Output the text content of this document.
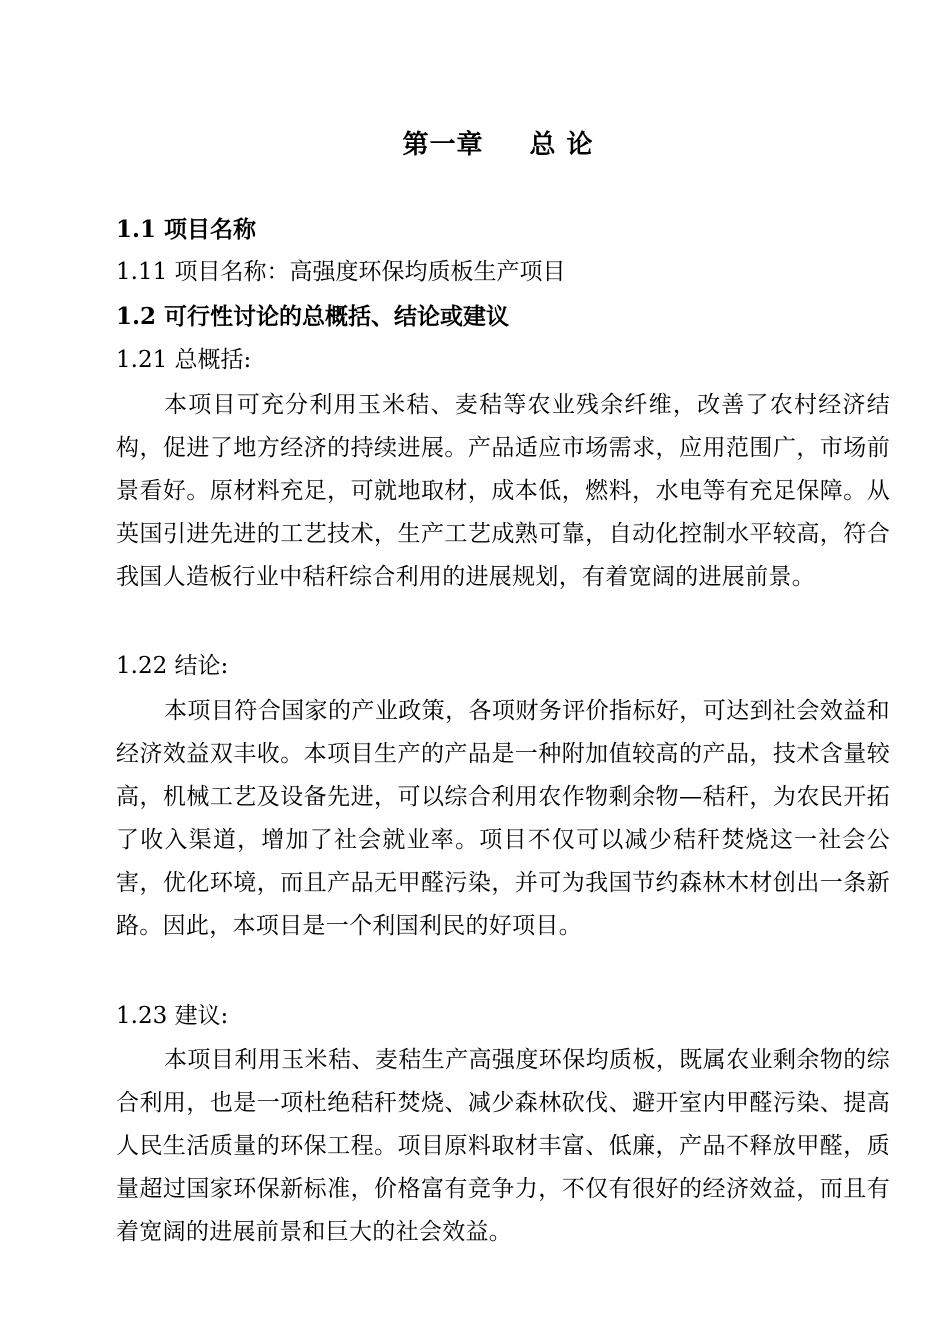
第一章 总 论
1.1 项目名称
1.11 项目名称：高强度环保均质板生产项目
1.2 可行性讨论的总概括、结论或建议
1.21 总概括:
本项目可充分利用玉米秸、麦秸等农业残余纤维，改善了农村经济结构，促进了地方经济的持续进展。产品适应市场需求，应用范围广，市场前景看好。原材料充足，可就地取材，成本低，燃料，水电等有充足保障。从英国引进先进的工艺技术，生产工艺成熟可靠，自动化控制水平较高，符合我国人造板行业中秸秆综合利用的进展规划，有着宽阔的进展前景。
1.22 结论:
本项目符合国家的产业政策，各项财务评价指标好，可达到社会效益和经济效益双丰收。本项目生产的产品是一种附加值较高的产品，技术含量较高，机械工艺及设备先进，可以综合利用农作物剩余物—秸秆，为农民开拓了收入渠道，增加了社会就业率。项目不仅可以减少秸秆焚烧这一社会公害，优化环境，而且产品无甲醛污染，并可为我国节约森林木材创出一条新路。因此，本项目是一个利国利民的好项目。
1.23 建议:
本项目利用玉米秸、麦秸生产高强度环保均质板，既属农业剩余物的综合利用，也是一项杜绝秸秆焚烧、减少森林砍伐、避开室内甲醛污染、提高人民生活质量的环保工程。项目原料取材丰富、低廉，产品不释放甲醛，质量超过国家环保新标准，价格富有竞争力，不仅有很好的经济效益，而且有着宽阔的进展前景和巨大的社会效益。
